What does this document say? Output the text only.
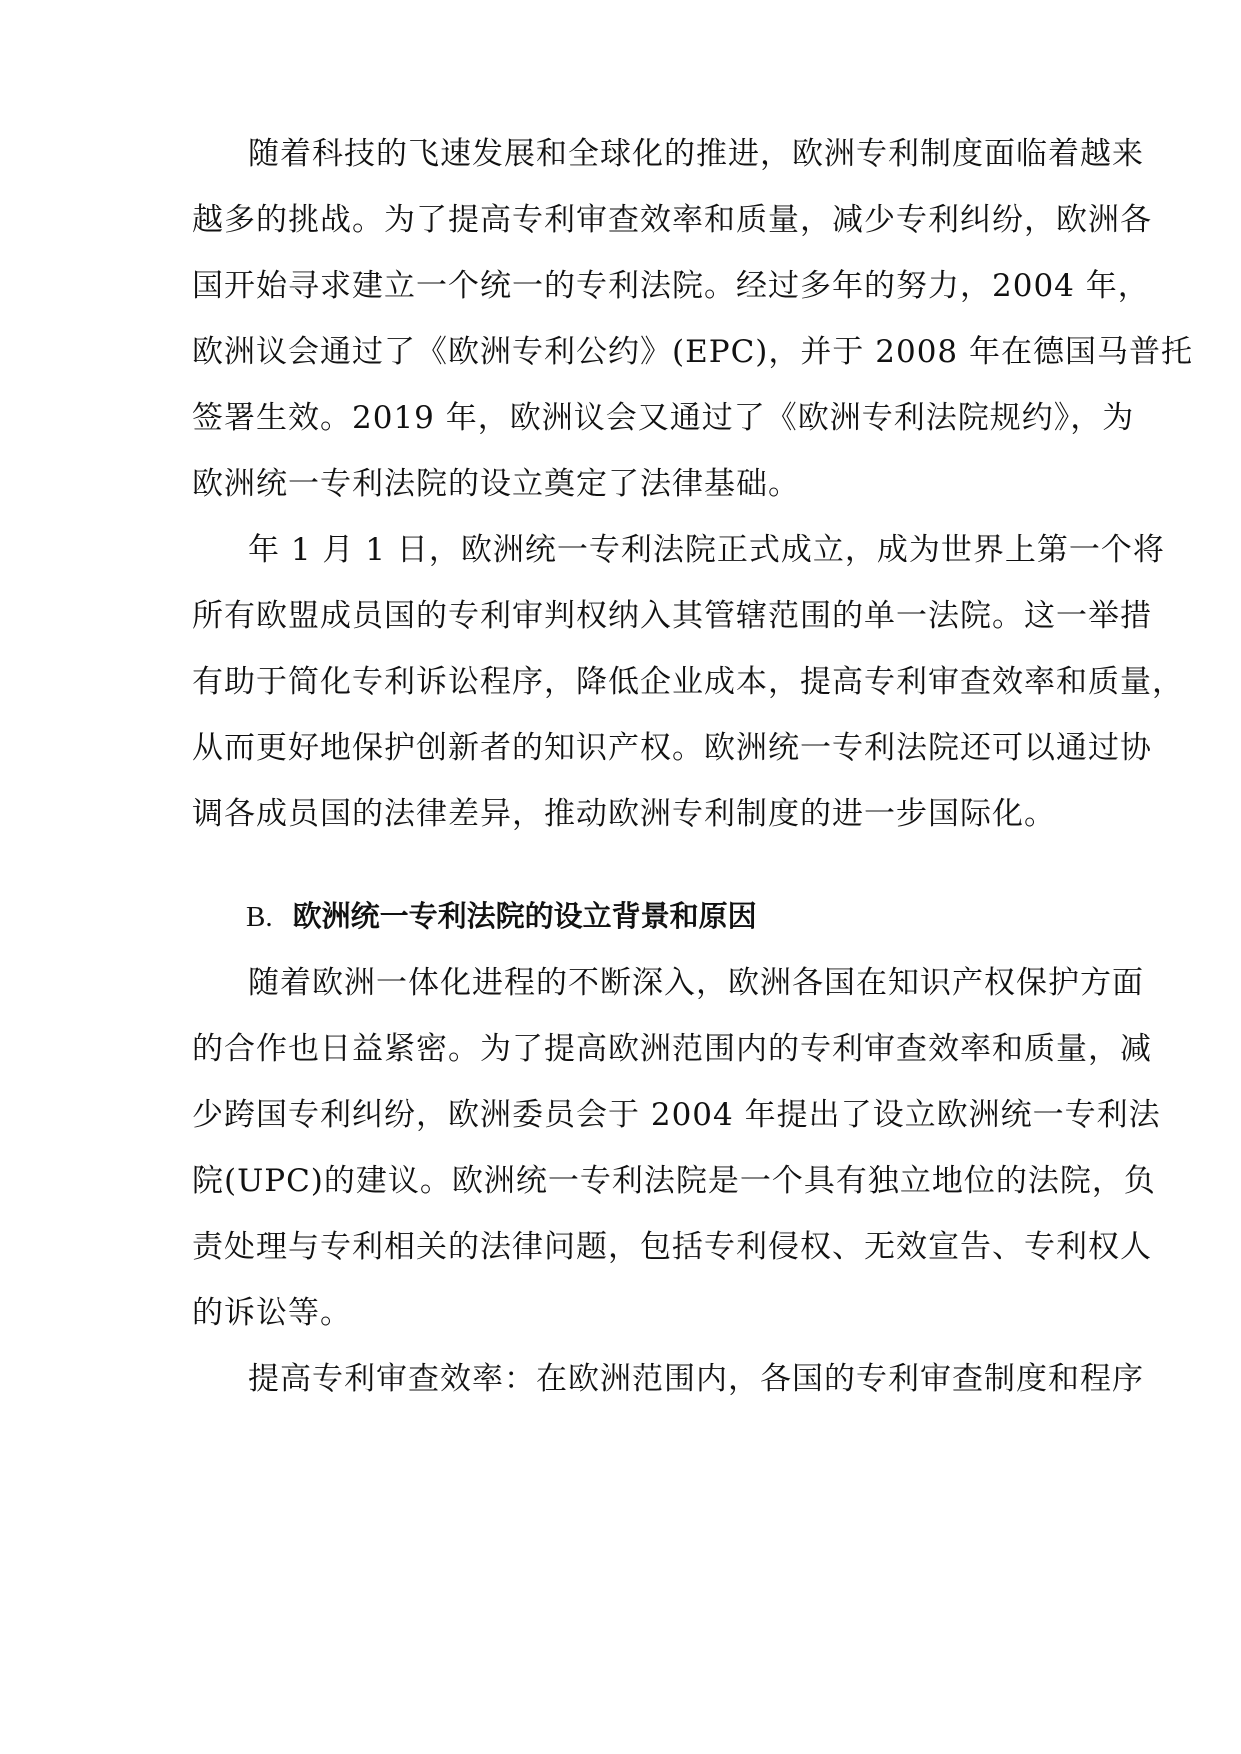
随着科技的飞速发展和全球化的推进，欧洲专利制度面临着越来
越多的挑战。为了提高专利审查效率和质量，减少专利纠纷，欧洲各
国开始寻求建立一个统一的专利法院。经过多年的努力，2004 年，
欧洲议会通过了《欧洲专利公约》(EPC)，并于 2008 年在德国马普托
签署生效。2019 年，欧洲议会又通过了《欧洲专利法院规约》，为
欧洲统一专利法院的设立奠定了法律基础。
年 1 月 1 日，欧洲统一专利法院正式成立，成为世界上第一个将
所有欧盟成员国的专利审判权纳入其管辖范围的单一法院。这一举措
有助于简化专利诉讼程序，降低企业成本，提高专利审查效率和质量，
从而更好地保护创新者的知识产权。欧洲统一专利法院还可以通过协
调各成员国的法律差异，推动欧洲专利制度的进一步国际化。
B. 欧洲统一专利法院的设立背景和原因
随着欧洲一体化进程的不断深入，欧洲各国在知识产权保护方面
的合作也日益紧密。为了提高欧洲范围内的专利审查效率和质量，减
少跨国专利纠纷，欧洲委员会于 2004 年提出了设立欧洲统一专利法
院(UPC)的建议。欧洲统一专利法院是一个具有独立地位的法院，负
责处理与专利相关的法律问题，包括专利侵权、无效宣告、专利权人
的诉讼等。
提高专利审查效率：在欧洲范围内，各国的专利审查制度和程序
